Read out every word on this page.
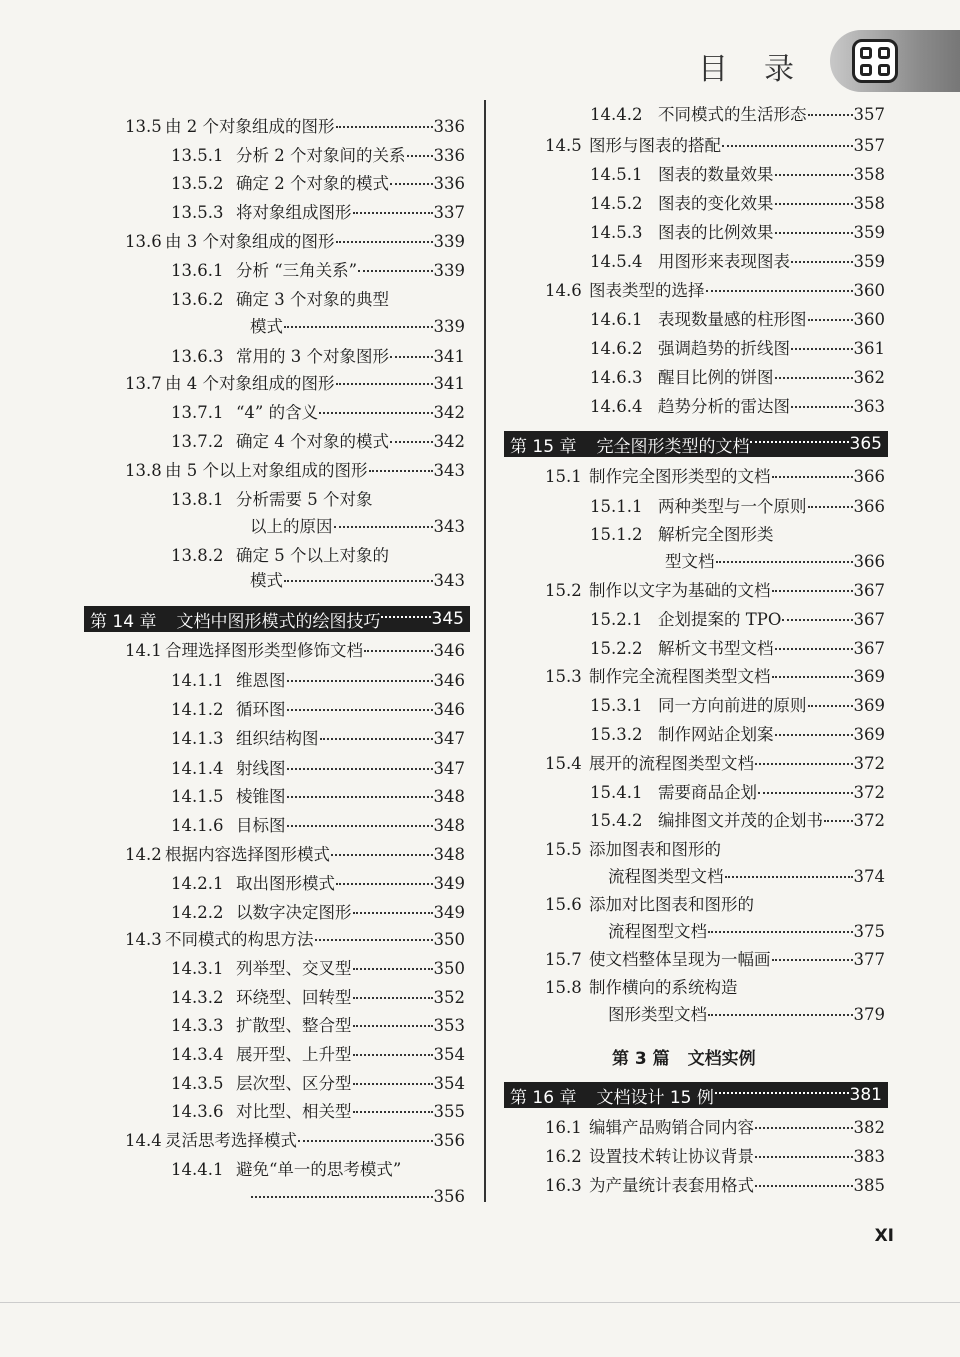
目录
13.5 由 2 个对象组成的图形	336
13.5.1 分析 2 个对象间的关系 336
13.5.2 确定 2 个对象的模式	336
13.5.3 将对象组成图形	337
13.6 由 3 个对象组成的图形	339
13.6.1 分析 “三角关系”	339
13.6.2 确定 3 个对象的典型
模式	339
13.6.3 常用的 3 个对象图形	341
13.7 由 4 个对象组成的图形	341
13.7.1 “4” 的含义	342
13.7.2 确定 4 个对象的模式	342
13.8 由 5 个以上对象组成的图形	343
13.8.1 分析需要 5 个对象
以上的原因	343
13.8.2 确定 5 个以上对象的
模式	343
第 14 章 文档中图形模式的绘图技巧	345
14.1 合理选择图形类型修饰文档	346
14.1.1 维恩图	346
14.1.2 循环图	346
14.1.3 组织结构图	347
14.1.4 射线图	347
14.1.5 棱锥图	348
14.1.6 目标图	348
14.2 根据内容选择图形模式	348
14.2.1 取出图形模式	349
14.2.2 以数字决定图形	349
14.3 不同模式的构思方法	350
14.3.1 列举型、交叉型	350
14.3.2 环绕型、回转型	352
14.3.3 扩散型、整合型	353
14.3.4 展开型、上升型	354
14.3.5 层次型、区分型	354
14.3.6 对比型、相关型	355
14.4 灵活思考选择模式	356
14.4.1 避免“单一的思考模式”
356
14.4.2 不同模式的生活形态	357
14.5 图形与图表的搭配	357
14.5.1 图表的数量效果	358
14.5.2 图表的变化效果	358
14.5.3 图表的比例效果	359
14.5.4 用图形来表现图表	359
14.6 图表类型的选择	360
14.6.1 表现数量感的柱形图	360
14.6.2 强调趋势的折线图	361
14.6.3 醒目比例的饼图	362
14.6.4 趋势分析的雷达图	363
第 15 章 完全图形类型的文档	365
15.1 制作完全图形类型的文档	366
15.1.1 两种类型与一个原则	366
15.1.2 解析完全图形类
型文档	366
15.2 制作以文字为基础的文档	367
15.2.1 企划提案的 TPO	367
15.2.2 解析文书型文档	367
15.3 制作完全流程图类型文档	369
15.3.1 同一方向前进的原则	369
15.3.2 制作网站企划案	369
15.4 展开的流程图类型文档	372
15.4.1 需要商品企划	372
15.4.2 编排图文并茂的企划书 372
15.5 添加图表和图形的
流程图类型文档	374
15.6 添加对比图表和图形的
流程图型文档	375
15.7 使文档整体呈现为一幅画	377
15.8 制作横向的系统构造
图形类型文档	379
第 3 篇 文档实例
第 16 章 文档设计 15 例	381
16.1 编辑产品购销合同内容	382
16.2 设置技术转让协议背景	383
16.3 为产量统计表套用格式	385
XI
